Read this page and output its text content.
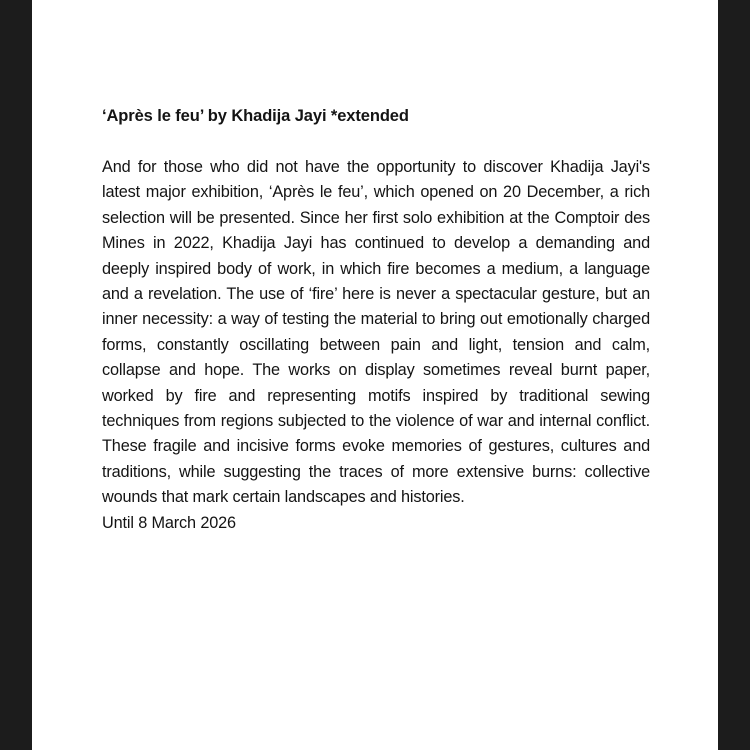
‘Après le feu’ by Khadija Jayi *extended

And for those who did not have the opportunity to discover Khadija Jayi's latest major exhibition, ‘Après le feu’, which opened on 20 December, a rich selection will be presented. Since her first solo exhibition at the Comptoir des Mines in 2022, Khadija Jayi has continued to develop a demanding and deeply inspired body of work, in which fire becomes a medium, a language and a revelation. The use of ‘fire’ here is never a spectacular gesture, but an inner necessity: a way of testing the material to bring out emotionally charged forms, constantly oscillating between pain and light, tension and calm, collapse and hope. The works on display sometimes reveal burnt paper, worked by fire and representing motifs inspired by traditional sewing techniques from regions subjected to the violence of war and internal conflict. These fragile and incisive forms evoke memories of gestures, cultures and traditions, while suggesting the traces of more extensive burns: collective wounds that mark certain landscapes and histories.

Until 8 March 2026
